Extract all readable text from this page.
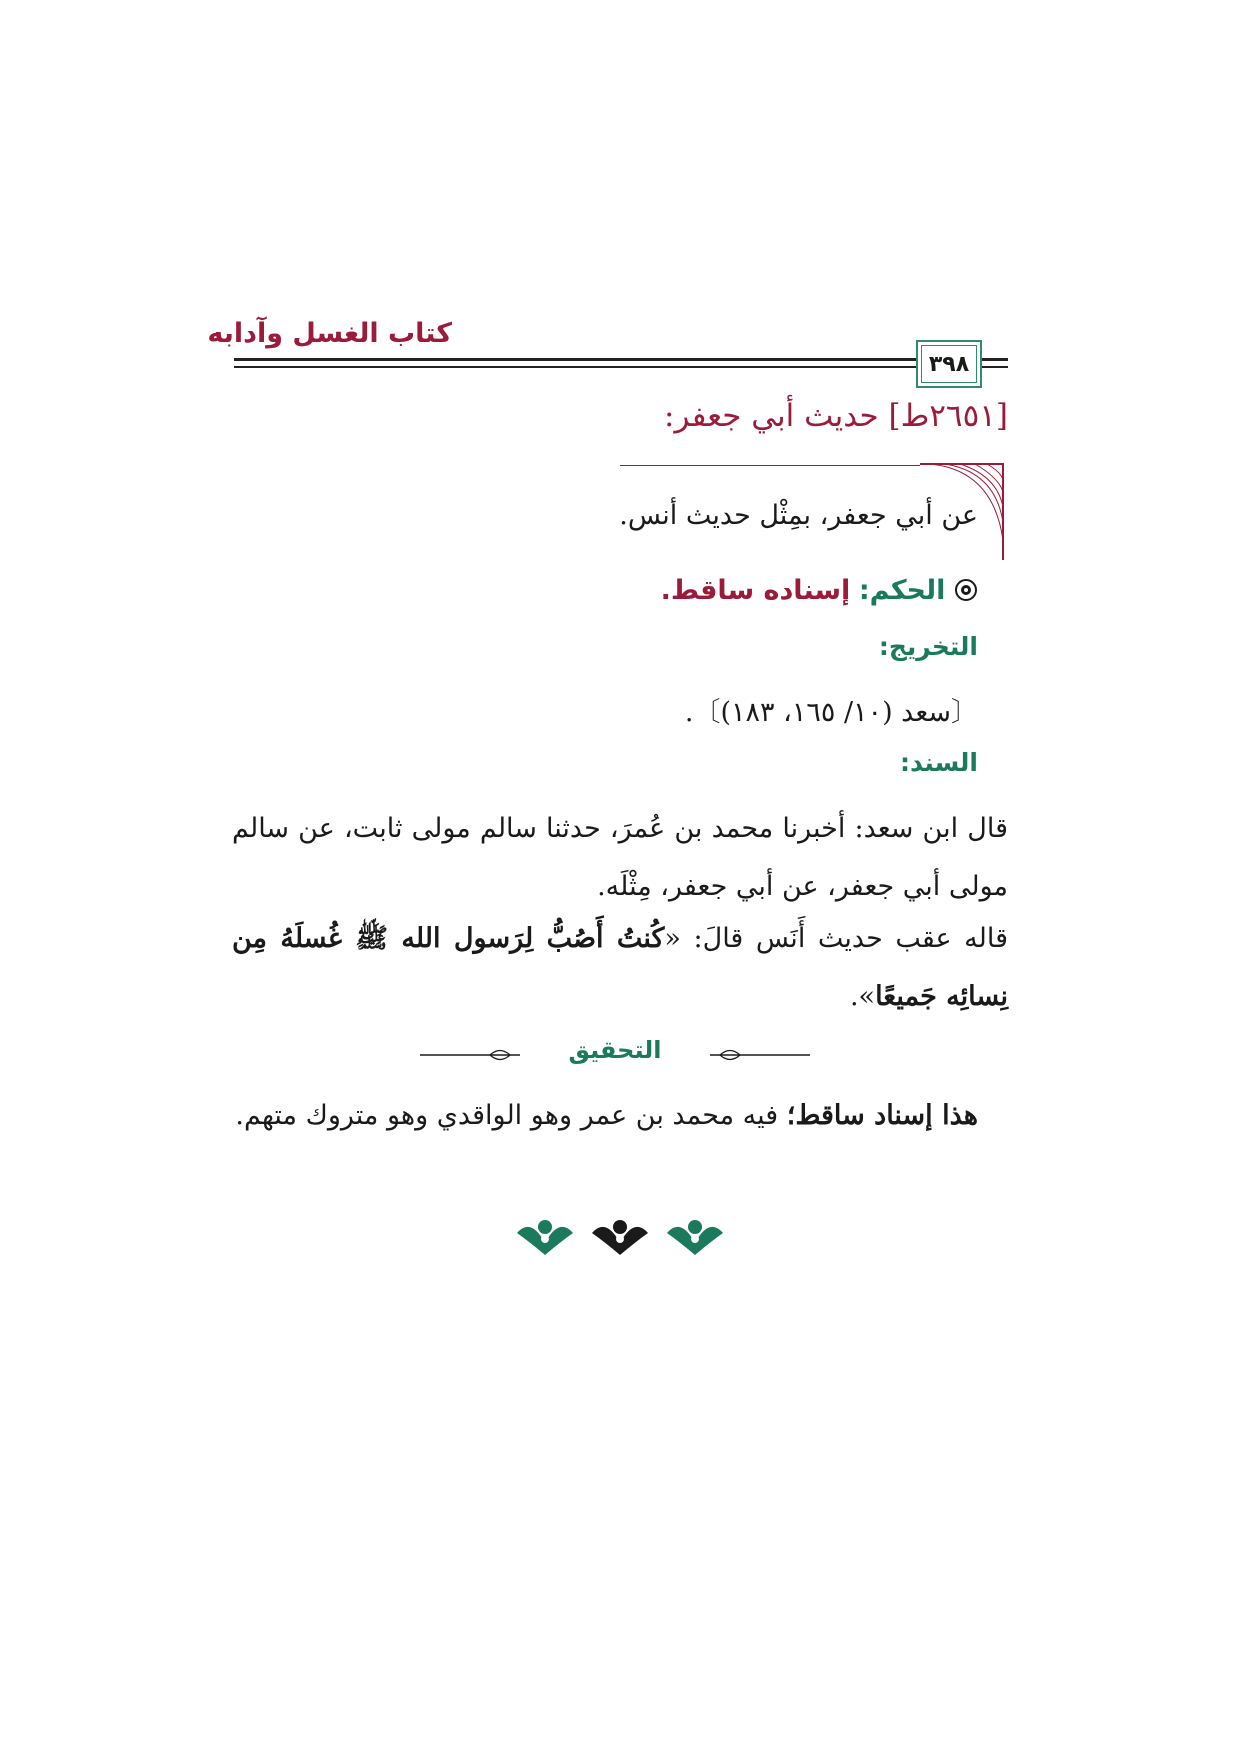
كتاب الغسل وآدابه
٣٩٨
[٢٦٥١ط] حديث أبي جعفر:
عن أبي جعفر، بمِثْل حديث أنس.
الحكم: إسناده ساقط.
التخريج:
〔سعد (١٠/ ١٦٥، ١٨٣)〕.
السند:
قال ابن سعد: أخبرنا محمد بن عُمرَ، حدثنا سالم مولى ثابت، عن سالم مولى أبي جعفر، عن أبي جعفر، مِثْلَه.
قاله عقب حديث أَنَس قالَ: «كُنتُ أَصُبُّ لِرَسول الله ﷺ غُسلَهُ مِن نِسائِه جَميعًا».
التحقيق
هذا إسناد ساقط؛ فيه محمد بن عمر وهو الواقدي وهو متروك متهم.
